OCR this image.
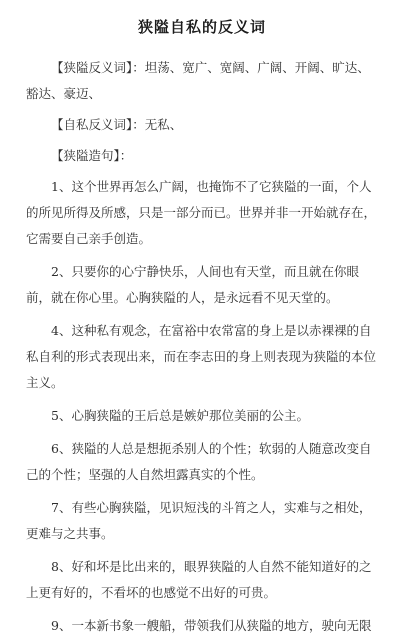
狭隘自私的反义词

【狭隘反义词】：坦荡、宽广、宽阔、广阔、开阔、旷达、豁达、豪迈、

【自私反义词】：无私、

【狭隘造句】：

1、这个世界再怎么广阔，也掩饰不了它狭隘的一面，个人的所见所得及所感，只是一部分而已。世界并非一开始就存在，它需要自己亲手创造。

2、只要你的心宁静快乐，人间也有天堂，而且就在你眼前，就在你心里。心胸狭隘的人，是永远看不见天堂的。

4、这种私有观念，在富裕中农常富的身上是以赤裸裸的自私自利的形式表现出来，而在李志田的身上则表现为狭隘的本位主义。

5、心胸狭隘的王后总是嫉妒那位美丽的公主。

6、狭隘的人总是想扼杀别人的个性；软弱的人随意改变自己的个性；坚强的人自然坦露真实的个性。

7、有些心胸狭隘，见识短浅的斗筲之人，实难与之相处，更难与之共事。

8、好和坏是比出来的，眼界狭隘的人自然不能知道好的之上更有好的，不看坏的也感觉不出好的可贵。

9、一本新书象一艘船，带领我们从狭隘的地方，驶向无限
